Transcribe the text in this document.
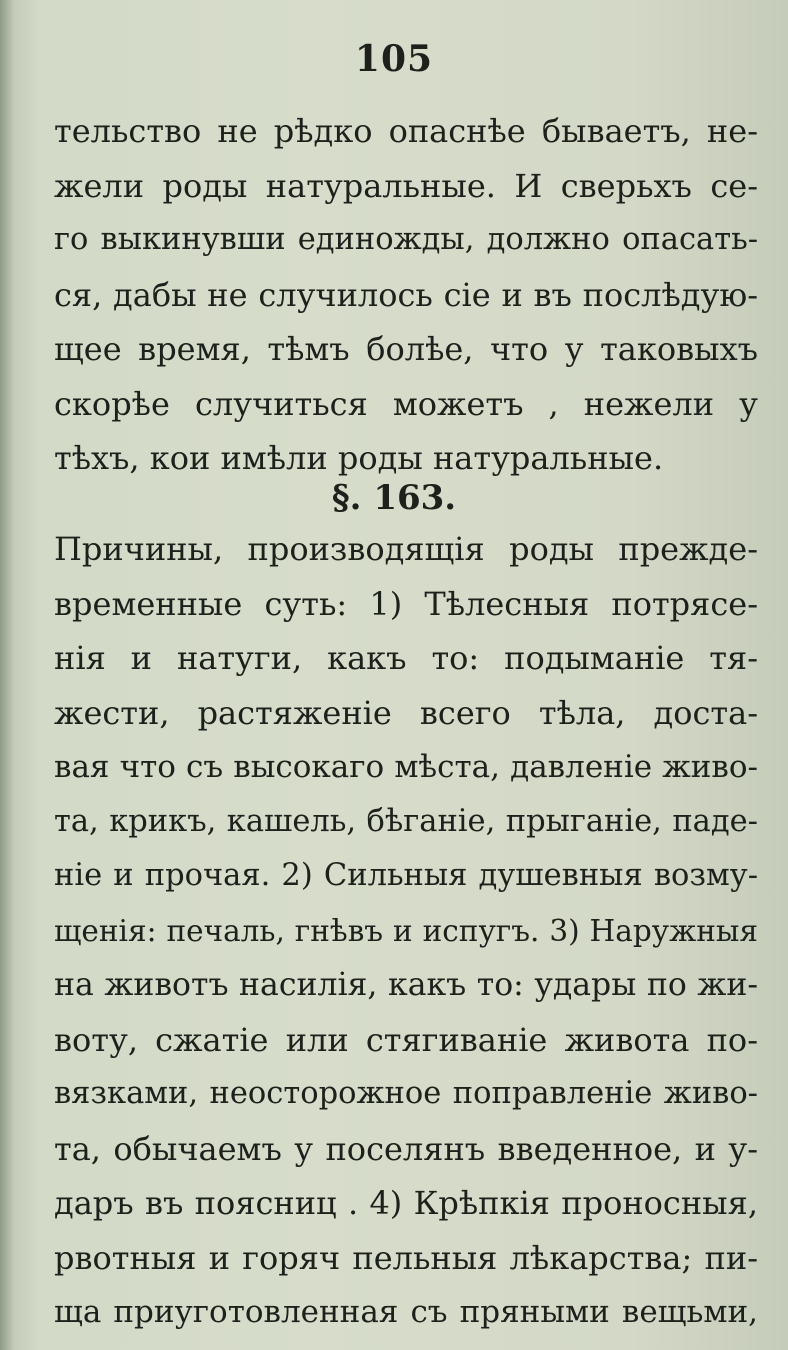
105
тельство не рѣдко опаснѣе бываетъ, не-
жели роды натуральные. И сверьхъ се-
го выкинувши единожды, должно опасать-
ся, дабы не случилось сiе и въ послѣдую-
щее время, тѣмъ болѣе, что у таковыхъ
скорѣе случиться можетъ , нежели у
тѣхъ, кои имѣли роды натуральные.
§. 163.
Причины, производящiя роды прежде-
временные суть: 1) Тѣлесныя потрясе-
нiя и натуги, какъ то: подыманiе тя-
жести, растяженiе всего тѣла, доста-
вая что съ высокаго мѣста, давленiе живо-
та, крикъ, кашель, бѣганiе, прыганiе, паде-
нiе и прочая. 2) Сильныя душевныя возму-
щенiя: печаль, гнѣвъ и испугъ. 3) Наружныя
на животъ насилiя, какъ то: удары по жи-
воту, сжатiе или стягиванiе живота по-
вязками, неосторожное поправленiе живо-
та, обычаемъ у поселянъ введенное, и у-
даръ въ поясниц . 4) Крѣпкiя проносныя,
рвотныя и горяч пельныя лѣкарства; пи-
ща приуготовленная съ пряными вещьми,
